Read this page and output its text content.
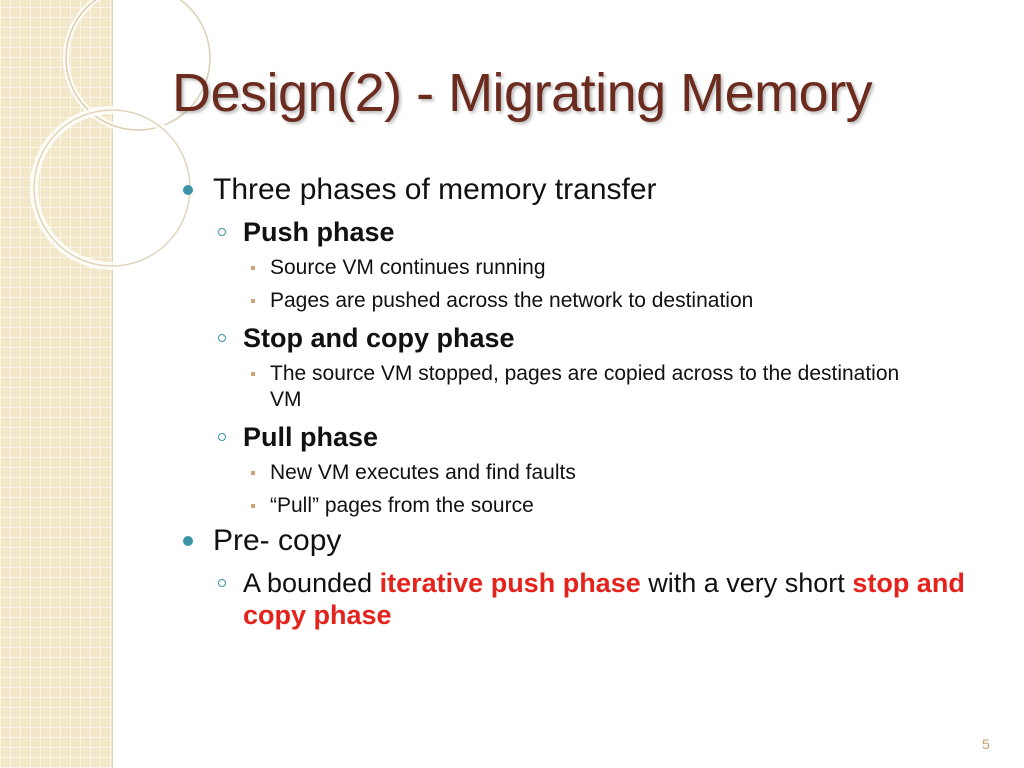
Design(2) - Migrating Memory
Three phases of memory transfer
Push phase
Source VM continues running
Pages are pushed across the network to destination
Stop and copy phase
The source VM stopped, pages are copied across to the destination VM
Pull phase
New VM executes and find faults
“Pull” pages from the source
Pre- copy
A bounded iterative push phase with a very short stop and copy phase
5
